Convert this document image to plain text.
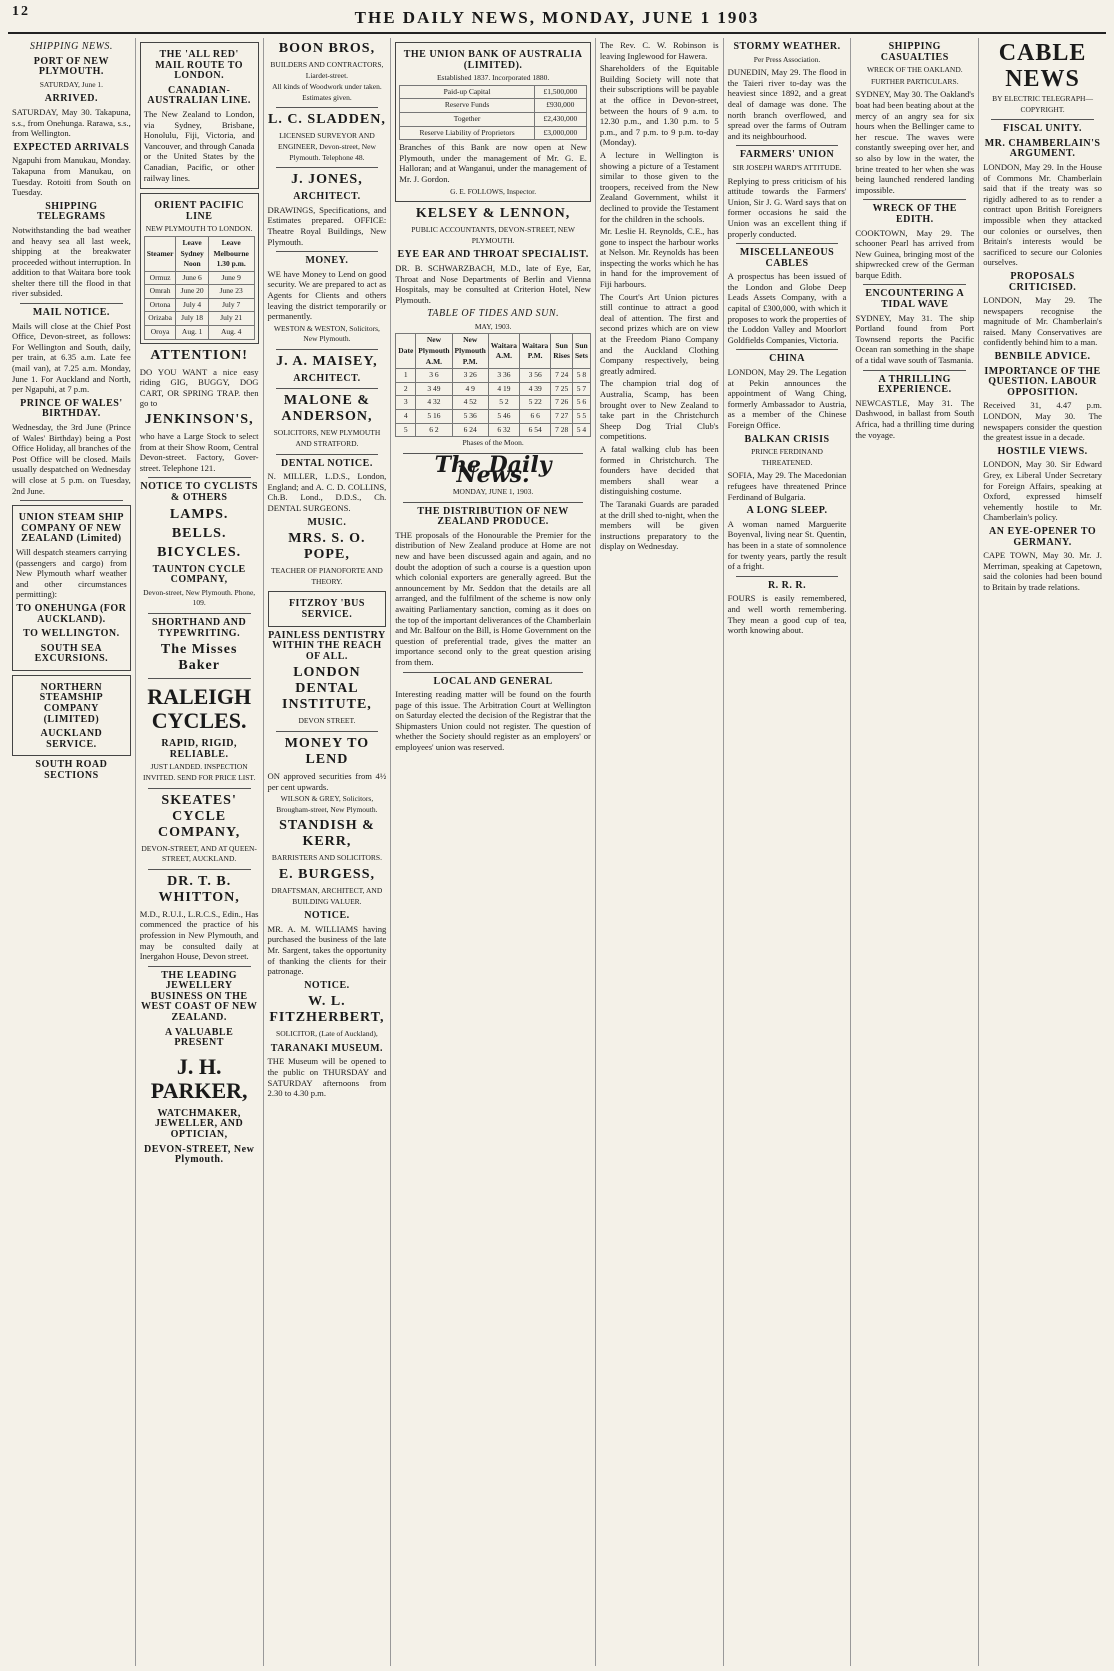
12	THE DAILY NEWS, MONDAY, JUNE 1 1903
SHIPPING NEWS.
PORT OF NEW PLYMOUTH.
SATURDAY, June 1.
ARRIVED.
SATURDAY, May 30. Takapuna, s.s., from Onehunga. Rarawa, s.s., from Wellington.
EXPECTED ARRIVALS
Ngapuhi from Manukau, Monday. Takapuna from Manukau, on Tuesday. Rotoiti from South on Tuesday.
SHIPPING TELEGRAMS
Notwithstanding the bad weather and heavy sea all last week, shipping at the breakwater proceeded without interruption. In addition to that Waitara bore took shelter there till the flood in that river subsided.
MAIL NOTICE.
Mails will close at the Chief Post Office, Devon-street, as follows: For Wellington and South, daily, per train, at 6.35 a.m. Late fee (mail van), at 7.25 a.m. Monday, June 1. For Auckland and North, per Ngapuhi, at 7 p.m.
PRINCE OF WALES' BIRTHDAY.
Wednesday, the 3rd June (Prince of Wales' Birthday) being a Post Office Holiday, all branches of the Post Office will be closed. Mails usually despatched on Wednesday will close at 5 p.m. on Tuesday, 2nd June.
UNION STEAM SHIP COMPANY OF NEW ZEALAND (Limited)
Will despatch steamers carrying (passengers and cargo) from New Plymouth wharf weather and other circumstances permitting):
TO ONEHUNGA (FOR AUCKLAND).
TO WELLINGTON.
SOUTH SEA EXCURSIONS.
NORTHERN STEAMSHIP COMPANY (LIMITED)
AUCKLAND SERVICE.
SOUTH ROAD SECTIONS
THE 'ALL RED' MAIL ROUTE TO LONDON.
CANADIAN-AUSTRALIAN LINE.
The New Zealand to London, via Sydney, Brisbane, Honolulu, Fiji, Victoria, and Vancouver, and through Canada or the United States by the Canadian, Pacific, or other railway lines.
ORIENT PACIFIC LINE
NEW PLYMOUTH TO LONDON.
Steamer	Leave Sydney Noon	Leave Melbourne 1.30 p.m.
Ormuz	June 6	June 9
Omrah	June 20	June 23
Ortona	July 4	July 7
Orizaba	July 18	July 21
Oroya	Aug. 1	Aug. 4
ATTENTION!
DO YOU WANT a nice easy riding GIG, BUGGY, DOG CART, OR SPRING TRAP. then go to
JENKINSON'S,
who have a Large Stock to select from at their Show Room, Central Devon-street. Factory, Gover-street. Telephone 121.
NOTICE TO CYCLISTS & OTHERS
LAMPS.
BELLS.
BICYCLES.
TAUNTON CYCLE COMPANY,
Devon-street, New Plymouth. Phone, 109.
SHORTHAND AND TYPEWRITING.
The Misses Baker
RALEIGH CYCLES.
RAPID, RIGID, RELIABLE.
JUST LANDED. INSPECTION INVITED. SEND FOR PRICE LIST.
SKEATES' CYCLE COMPANY,
DEVON-STREET, AND AT QUEEN-STREET, AUCKLAND.
DR. T. B. WHITTON,
M.D., R.U.I., L.R.C.S., Edin., Has commenced the practice of his profession in New Plymouth, and may be consulted daily at Inergahon House, Devon street.
THE LEADING JEWELLERY BUSINESS ON THE WEST COAST OF NEW ZEALAND.
A VALUABLE PRESENT
J. H. PARKER,
WATCHMAKER, JEWELLER, AND OPTICIAN,
DEVON-STREET, New Plymouth.
BOON BROS,
BUILDERS AND CONTRACTORS, Liardet-street.
All kinds of Woodwork under taken. Estimates given.
L. C. SLADDEN,
LICENSED SURVEYOR AND ENGINEER, Devon-street, New Plymouth. Telephone 48.
J. JONES,
ARCHITECT.
DRAWINGS, Specifications, and Estimates prepared. OFFICE: Theatre Royal Buildings, New Plymouth.
MONEY.
WE have Money to Lend on good security. We are prepared to act as Agents for Clients and others leaving the district temporarily or permanently.
WESTON & WESTON, Solicitors, New Plymouth.
J. A. MAISEY,
ARCHITECT.
MALONE & ANDERSON,
SOLICITORS, NEW PLYMOUTH AND STRATFORD.
DENTAL NOTICE.
N. MILLER, L.D.S., London, England; and A. C. D. COLLINS, Ch.B. Lond., D.D.S., Ch. DENTAL SURGEONS.
MUSIC.
MRS. S. O. POPE,
TEACHER OF PIANOFORTE AND THEORY.
FITZROY 'BUS SERVICE.
PAINLESS DENTISTRY WITHIN THE REACH OF ALL.
LONDON DENTAL INSTITUTE,
DEVON STREET.
MONEY TO LEND
ON approved securities from 4½ per cent upwards.
WILSON & GREY, Solicitors, Brougham-street, New Plymouth.
STANDISH & KERR,
BARRISTERS AND SOLICITORS.
E. BURGESS,
DRAFTSMAN, ARCHITECT, AND BUILDING VALUER.
NOTICE.
MR. A. M. WILLIAMS having purchased the business of the late Mr. Sargent, takes the opportunity of thanking the clients for their patronage.
NOTICE.
W. L. FITZHERBERT,
SOLICITOR, (Late of Auckland),
TARANAKI MUSEUM.
THE Museum will be opened to the public on THURSDAY and SATURDAY afternoons from 2.30 to 4.30 p.m.
THE UNION BANK OF AUSTRALIA (LIMITED).
Established 1837. Incorporated 1880.
Paid-up Capital	£1,500,000
Reserve Funds	£930,000
Together	£2,430,000
Reserve Liability of Proprietors	£3,000,000
Branches of this Bank are now open at New Plymouth, under the management of Mr. G. E. Halloran; and at Wanganui, under the management of Mr. J. Gordon.
G. E. FOLLOWS, Inspector.
KELSEY & LENNON,
PUBLIC ACCOUNTANTS, DEVON-STREET, NEW PLYMOUTH.
EYE EAR AND THROAT SPECIALIST.
DR. B. SCHWARZBACH, M.D., late of Eye, Ear, Throat and Nose Departments of Berlin and Vienna Hospitals, may be consulted at Criterion Hotel, New Plymouth.
TABLE OF TIDES AND SUN.
MAY, 1903.
Date	New Plymouth A.M.	New Plymouth P.M.	Waitara A.M.	Waitara P.M.	Sun Rises	Sun Sets
1	3 6	3 26	3 36	3 56	7 24	5 8
2	3 49	4 9	4 19	4 39	7 25	5 7
3	4 32	4 52	5 2	5 22	7 26	5 6
4	5 16	5 36	5 46	6 6	7 27	5 5
5	6 2	6 24	6 32	6 54	7 28	5 4
Phases of the Moon.
The Daily News.
MONDAY, JUNE 1, 1903.
THE DISTRIBUTION OF NEW ZEALAND PRODUCE.
THE proposals of the Honourable the Premier for the distribution of New Zealand produce at Home are not new and have been discussed again and again, and no doubt the adoption of such a course is a question upon which colonial exporters are generally agreed. But the announcement by Mr. Seddon that the details are all arranged, and the fulfilment of the scheme is now only awaiting Parliamentary sanction, coming as it does on the top of the important deliverances of the Chamberlain and Mr. Balfour on the Bill, is Home Government on the question of preferential trade, gives the matter an importance second only to the great question arising from them.
LOCAL AND GENERAL
Interesting reading matter will be found on the fourth page of this issue. The Arbitration Court at Wellington on Saturday elected the decision of the Registrar that the Shipmasters Union could not register. The question of whether the Society should register as an employers' or employees' union was reserved.
The Rev. C. W. Robinson is leaving Inglewood for Hawera.
Shareholders of the Equitable Building Society will note that their subscriptions will be payable at the office in Devon-street, between the hours of 9 a.m. to 12.30 p.m., and 1.30 p.m. to 5 p.m., and 7 p.m. to 9 p.m. to-day (Monday).
A lecture in Wellington is showing a picture of a Testament similar to those given to the troopers, received from the New Zealand Government, whilst it declined to provide the Testament for the children in the schools.
Mr. Leslie H. Reynolds, C.E., has gone to inspect the harbour works at Nelson. Mr. Reynolds has been inspecting the works which he has in hand for the improvement of Fiji harbours.
The Court's Art Union pictures still continue to attract a good deal of attention. The first and second prizes which are on view at the Freedom Piano Company and the Auckland Clothing Company respectively, being greatly admired.
The champion trial dog of Australia, Scamp, has been brought over to New Zealand to take part in the Christchurch Sheep Dog Trial Club's competitions.
A fatal walking club has been formed in Christchurch. The founders have decided that members shall wear a distinguishing costume.
The Taranaki Guards are paraded at the drill shed to-night, when the members will be given instructions preparatory to the display on Wednesday.
STORMY WEATHER.
Per Press Association.
DUNEDIN, May 29. The flood in the Taieri river to-day was the heaviest since 1892, and a great deal of damage was done. The north branch overflowed, and spread over the farms of Outram and its neighbourhood.
FARMERS' UNION
SIR JOSEPH WARD'S ATTITUDE.
Replying to press criticism of his attitude towards the Farmers' Union, Sir J. G. Ward says that on former occasions he said the Union was an excellent thing if properly conducted.
MISCELLANEOUS CABLES
A prospectus has been issued of the London and Globe Deep Leads Assets Company, with a capital of £300,000, with which it proposes to work the properties of the Loddon Valley and Moorlort Goldfields Companies, Victoria.
CHINA
LONDON, May 29. The Legation at Pekin announces the appointment of Wang Ching, formerly Ambassador to Austria, as a member of the Chinese Foreign Office.
BALKAN CRISIS
PRINCE FERDINAND THREATENED.
SOFIA, May 29. The Macedonian refugees have threatened Prince Ferdinand of Bulgaria.
A LONG SLEEP.
A woman named Marguerite Boyenval, living near St. Quentin, has been in a state of somnolence for twenty years, partly the result of a fright.
R. R. R.
FOURS is easily remembered, and well worth remembering. They mean a good cup of tea, worth knowing about.
SHIPPING CASUALTIES
WRECK OF THE OAKLAND.
FURTHER PARTICULARS.
SYDNEY, May 30. The Oakland's boat had been beating about at the mercy of an angry sea for six hours when the Bellinger came to her rescue. The waves were constantly sweeping over her, and so also by low in the water, the brine treated to her when she was being launched rendered landing impossible.
WRECK OF THE EDITH.
COOKTOWN, May 29. The schooner Pearl has arrived from New Guinea, bringing most of the shipwrecked crew of the German barque Edith.
ENCOUNTERING A TIDAL WAVE
SYDNEY, May 31. The ship Portland found from Port Townsend reports the Pacific Ocean ran something in the shape of a tidal wave south of Tasmania.
A THRILLING EXPERIENCE.
NEWCASTLE, May 31. The Dashwood, in ballast from South Africa, had a thrilling time during the voyage.
CABLE NEWS
BY ELECTRIC TELEGRAPH—COPYRIGHT.
FISCAL UNITY.
MR. CHAMBERLAIN'S ARGUMENT.
LONDON, May 29. In the House of Commons Mr. Chamberlain said that if the treaty was so rigidly adhered to as to render a contract upon British Foreigners impossible when they attacked our colonies or ourselves, then Britain's interests would be sacrificed to secure our Colonies ourselves.
PROPOSALS CRITICISED.
LONDON, May 29. The newspapers recognise the magnitude of Mr. Chamberlain's raised. Many Conservatives are confidently behind him to a man.
BENBILE ADVICE.
IMPORTANCE OF THE QUESTION. LABOUR OPPOSITION.
Received 31, 4.47 p.m. LONDON, May 30. The newspapers consider the question the greatest issue in a decade.
HOSTILE VIEWS.
LONDON, May 30. Sir Edward Grey, ex Liberal Under Secretary for Foreign Affairs, speaking at Oxford, expressed himself vehemently hostile to Mr. Chamberlain's policy.
AN EYE-OPENER TO GERMANY.
CAPE TOWN, May 30. Mr. J. Merriman, speaking at Capetown, said the colonies had been bound to Britain by trade relations.
